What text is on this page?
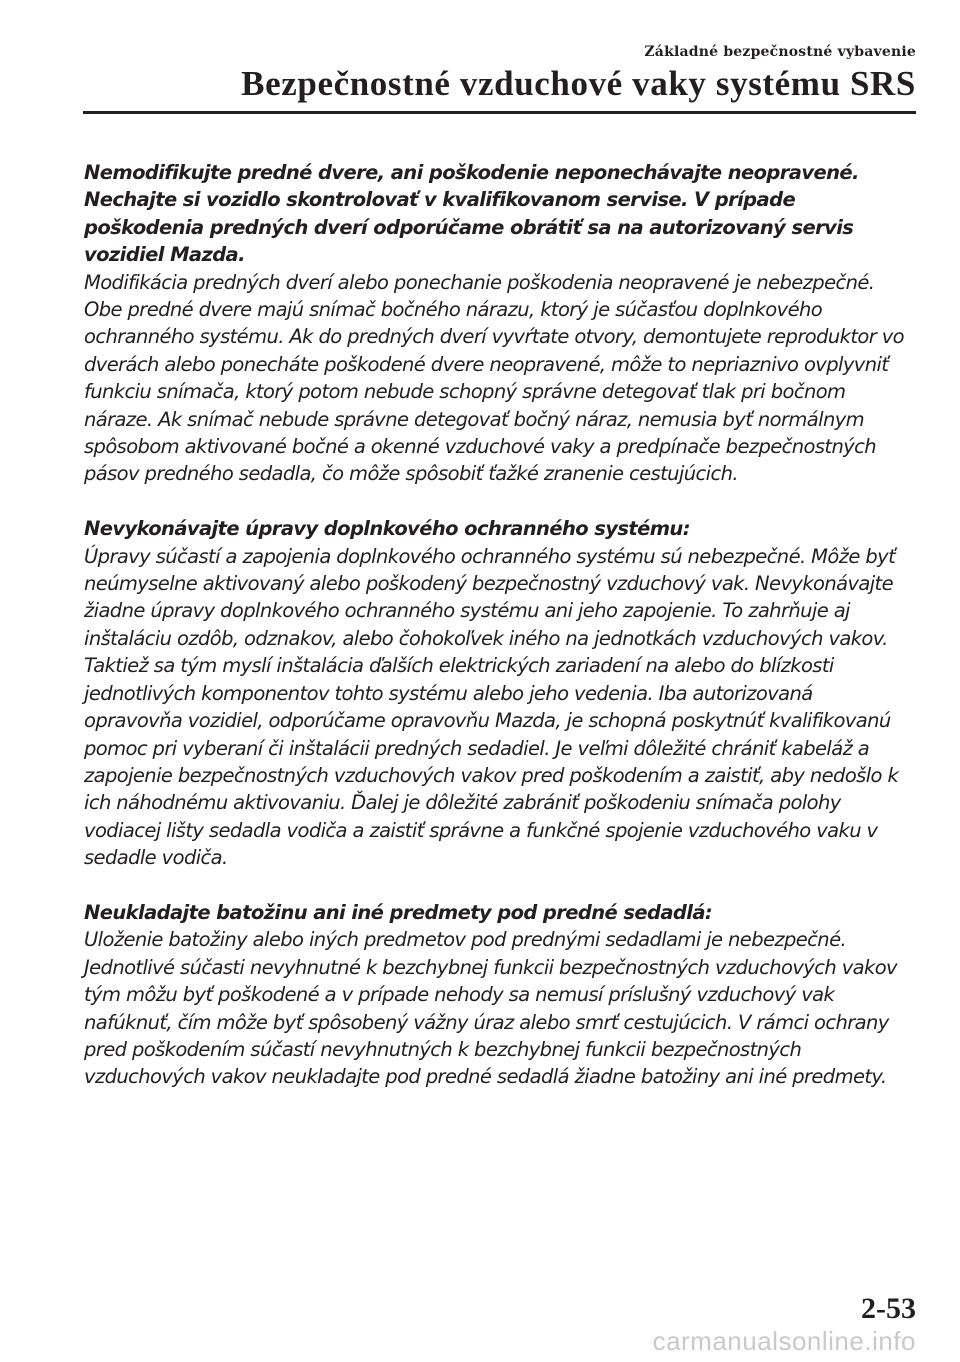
Základné bezpečnostné vybavenie
Bezpečnostné vzduchové vaky systému SRS

Nemodifikujte predné dvere, ani poškodenie neponechávajte neopravené. Nechajte si vozidlo skontrolovať v kvalifikovanom servise. V prípade poškodenia predných dverí odporúčame obrátiť sa na autorizovaný servis vozidiel Mazda.

Modifikácia predných dverí alebo ponechanie poškodenia neopravené je nebezpečné. Obe predné dvere majú snímač bočného nárazu, ktorý je súčasťou doplnkového ochranného systému. Ak do predných dverí vyvŕtate otvory, demontujete reproduktor vo dverách alebo ponecháte poškodené dvere neopravené, môže to nepriaznivo ovplyvniť funkciu snímača, ktorý potom nebude schopný správne detegovať tlak pri bočnom náraze. Ak snímač nebude správne detegovať bočný náraz, nemusia byť normálnym spôsobom aktivované bočné a okenné vzduchové vaky a predpínače bezpečnostných pásov predného sedadla, čo môže spôsobiť ťažké zranenie cestujúcich.

Nevykonávajte úpravy doplnkového ochranného systému:

Úpravy súčastí a zapojenia doplnkového ochranného systému sú nebezpečné. Môže byť neúmyselne aktivovaný alebo poškodený bezpečnostný vzduchový vak. Nevykonávajte žiadne úpravy doplnkového ochranného systému ani jeho zapojenie. To zahrňuje aj inštaláciu ozdôb, odznakov, alebo čohokoľvek iného na jednotkách vzduchových vakov. Taktiež sa tým myslí inštalácia ďalších elektrických zariadení na alebo do blízkosti jednotlivých komponentov tohto systému alebo jeho vedenia. Iba autorizovaná opravovňa vozidiel, odporúčame opravovňu Mazda, je schopná poskytnúť kvalifikovanú pomoc pri vyberaní či inštalácii predných sedadiel. Je veľmi dôležité chrániť kabeláž a zapojenie bezpečnostných vzduchových vakov pred poškodením a zaistiť, aby nedošlo k ich náhodnému aktivovaniu. Ďalej je dôležité zabrániť poškodeniu snímača polohy vodiacej lišty sedadla vodiča a zaistiť správne a funkčné spojenie vzduchového vaku v sedadle vodiča.

Neukladajte batožinu ani iné predmety pod predné sedadlá:

Uloženie batožiny alebo iných predmetov pod prednými sedadlami je nebezpečné. Jednotlivé súčasti nevyhnutné k bezchybnej funkcii bezpečnostných vzduchových vakov tým môžu byť poškodené a v prípade nehody sa nemusí príslušný vzduchový vak nafúknuť, čím môže byť spôsobený vážny úraz alebo smrť cestujúcich. V rámci ochrany pred poškodením súčastí nevyhnutných k bezchybnej funkcii bezpečnostných vzduchových vakov neukladajte pod predné sedadlá žiadne batožiny ani iné predmety.

2-53
carmanualsonline.info
